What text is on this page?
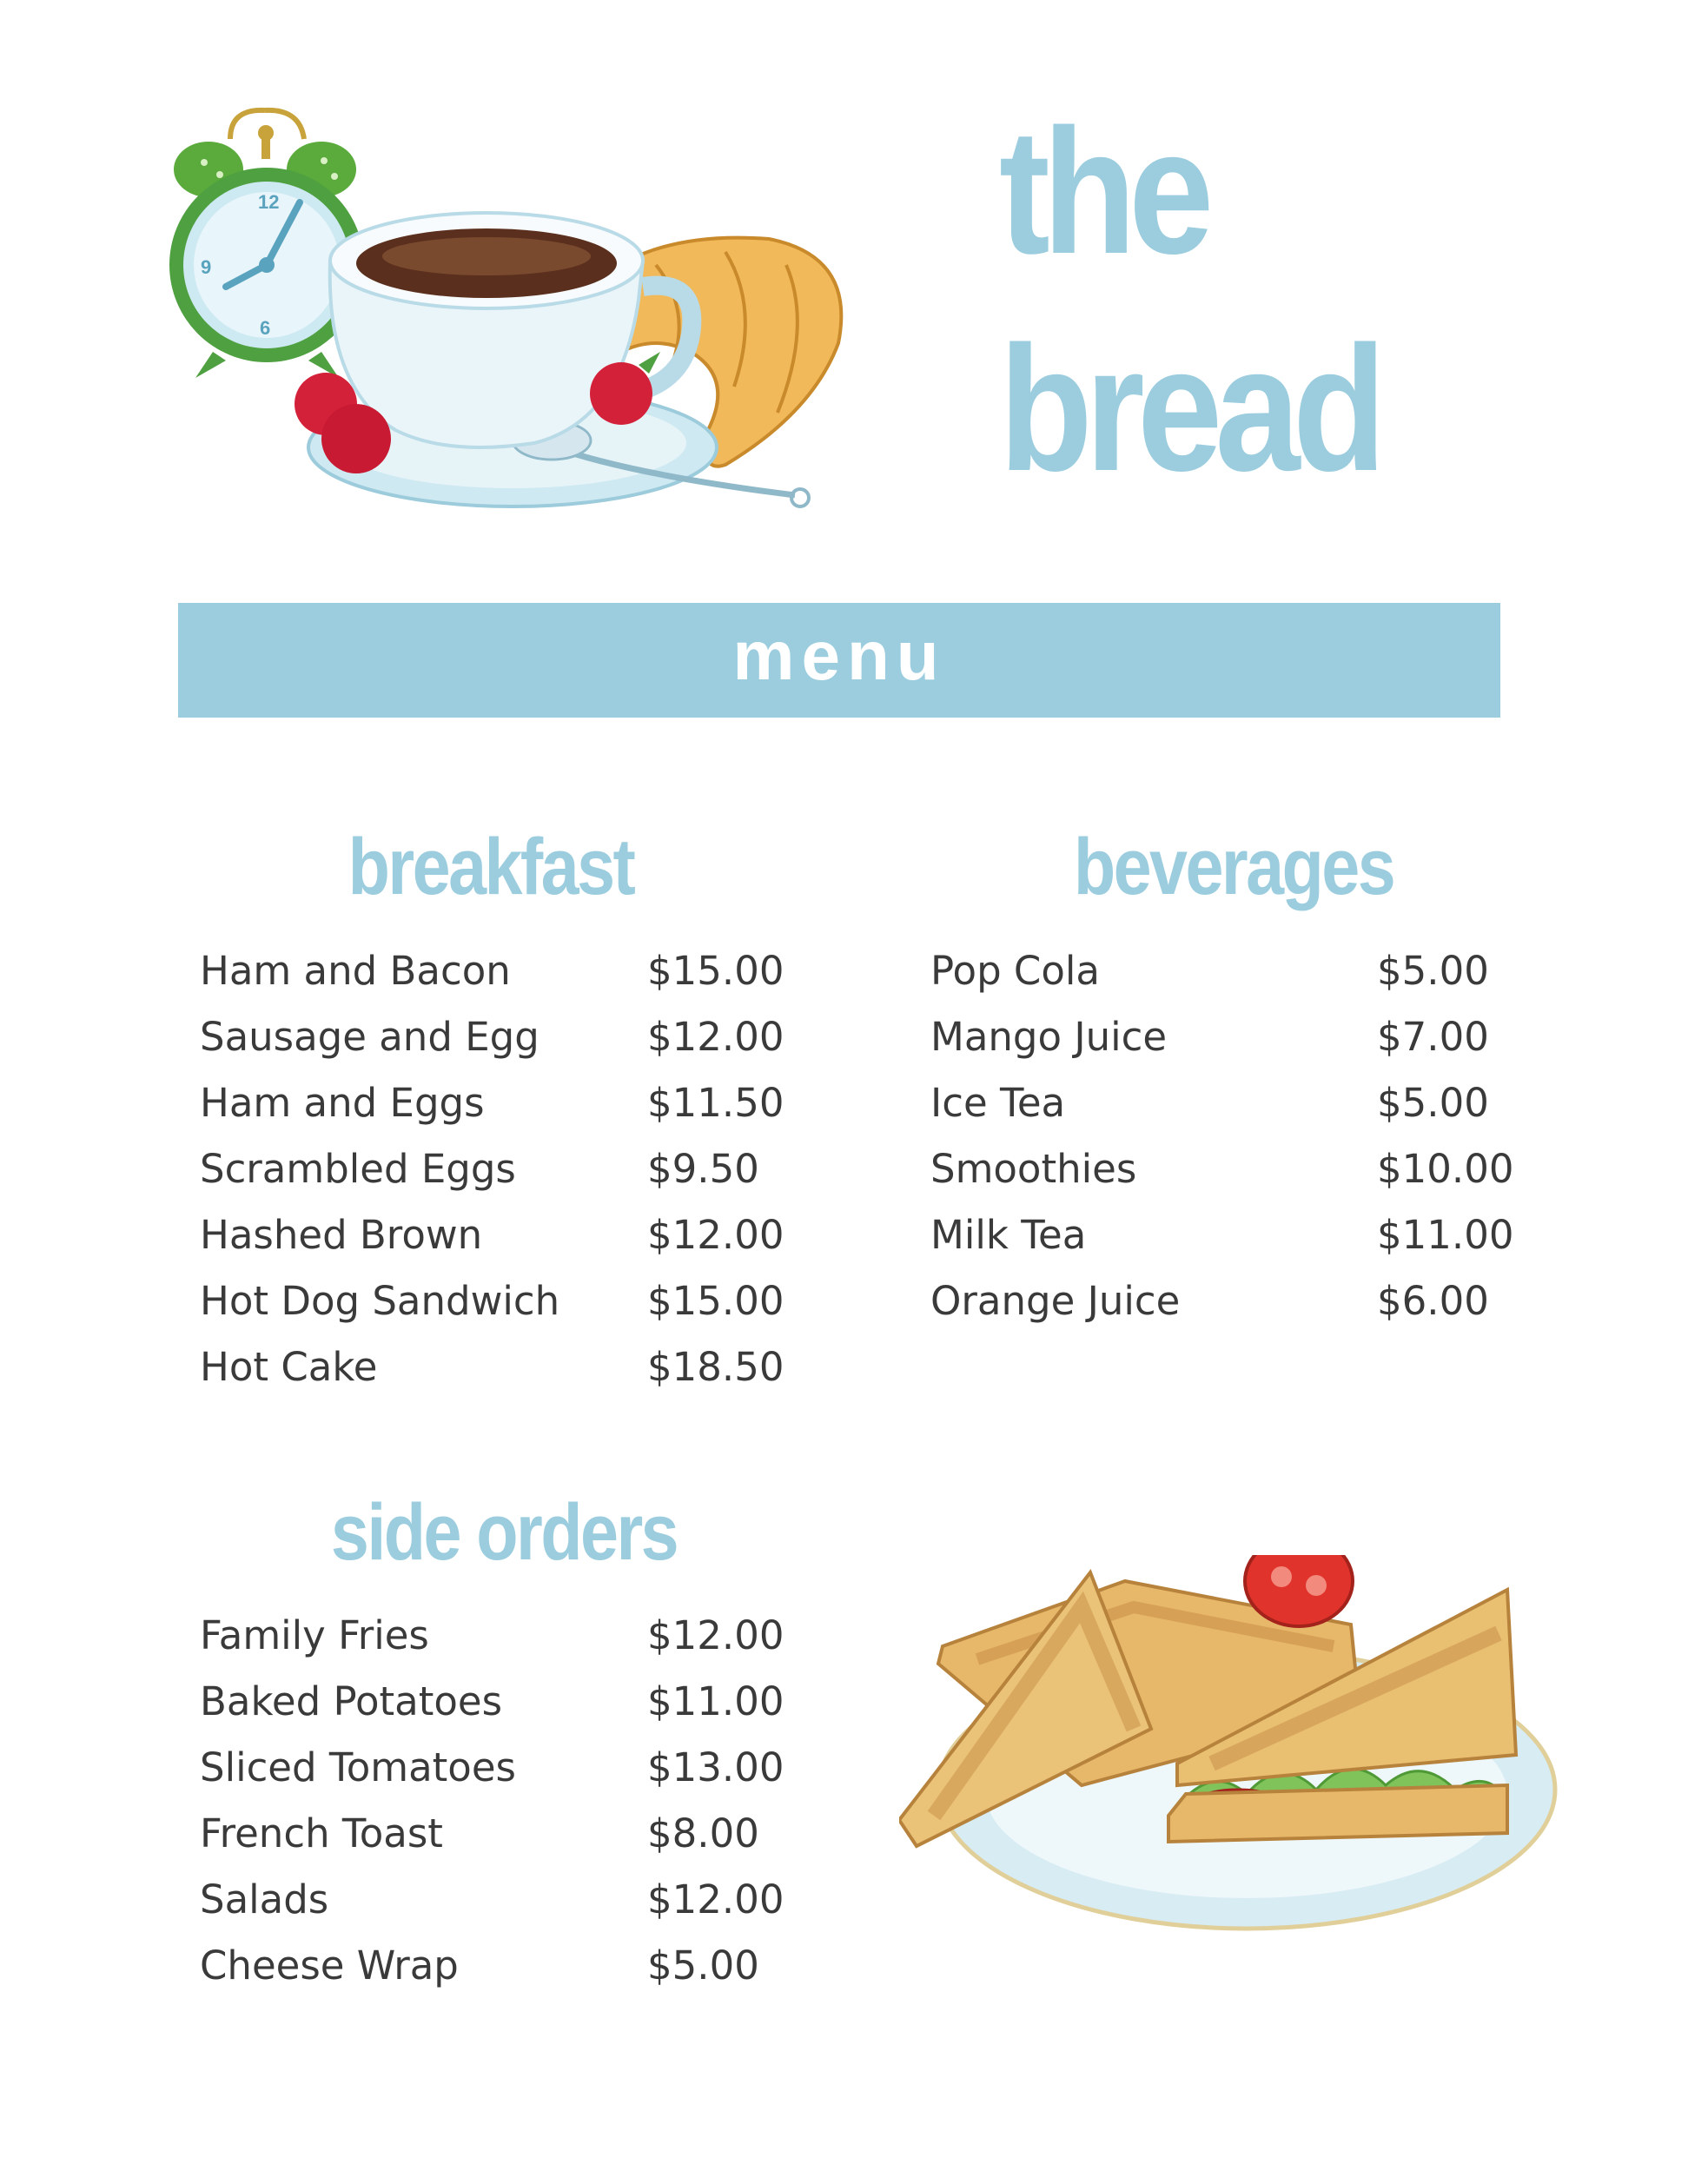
12
9
6
the
bread
menu
breakfast
Ham and Bacon	$15.00
Sausage and Egg	$12.00
Ham and Eggs	$11.50
Scrambled Eggs	$9.50
Hashed Brown	$12.00
Hot Dog Sandwich $15.00
Hot Cake	$18.50
beverages
Pop Cola	$5.00
Mango Juice	$7.00
Ice Tea	$5.00
Smoothies	$10.00
Milk Tea	$11.00
Orange Juice	$6.00
side orders
Family Fries	$12.00
Baked Potatoes	$11.00
Sliced Tomatoes	$13.00
French Toast	$8.00
Salads	$12.00
Cheese Wrap	$5.00
